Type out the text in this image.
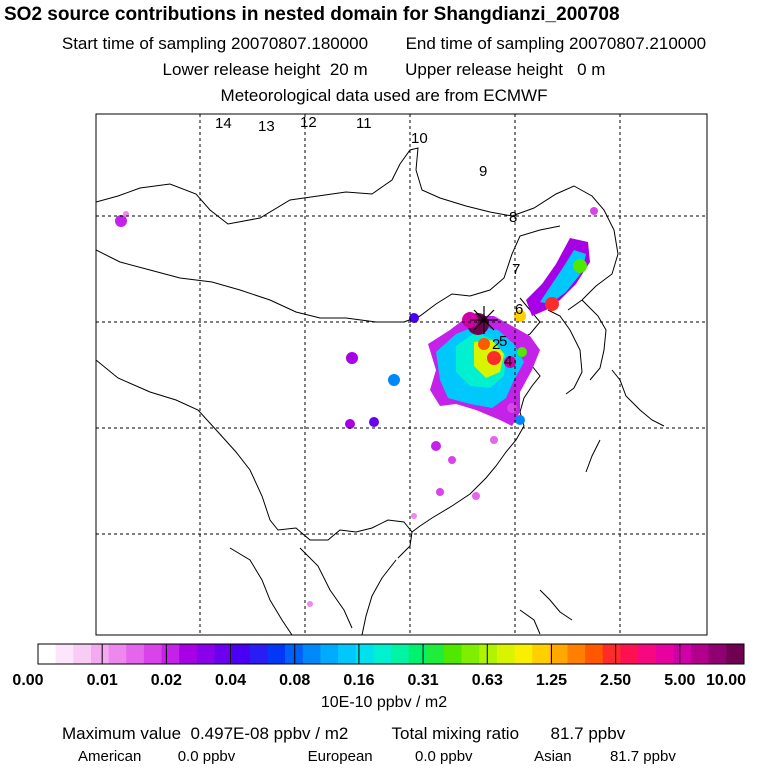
SO2 source contributions in nested domain for Shangdianzi_200708
Start time of sampling 20070807.180000 End time of sampling 20070807.210000
Lower release height 20 m Upper release height 0 m
Meteorological data used are from ECMWF
14 13 12	11
10
9
8
7
6
5
4
2
0.00	0.01 0.02 0.04 0.08 0.16 0.31 0.63 1.25 2.50 5.00 10.00
10E-10 ppbv / m2
Maximum value 0.497E-08 ppbv / m2	Total mixing ratio 81.7 ppbv
American 0.0 ppbv	European	0.0 ppbv	Asian	81.7 ppbv
